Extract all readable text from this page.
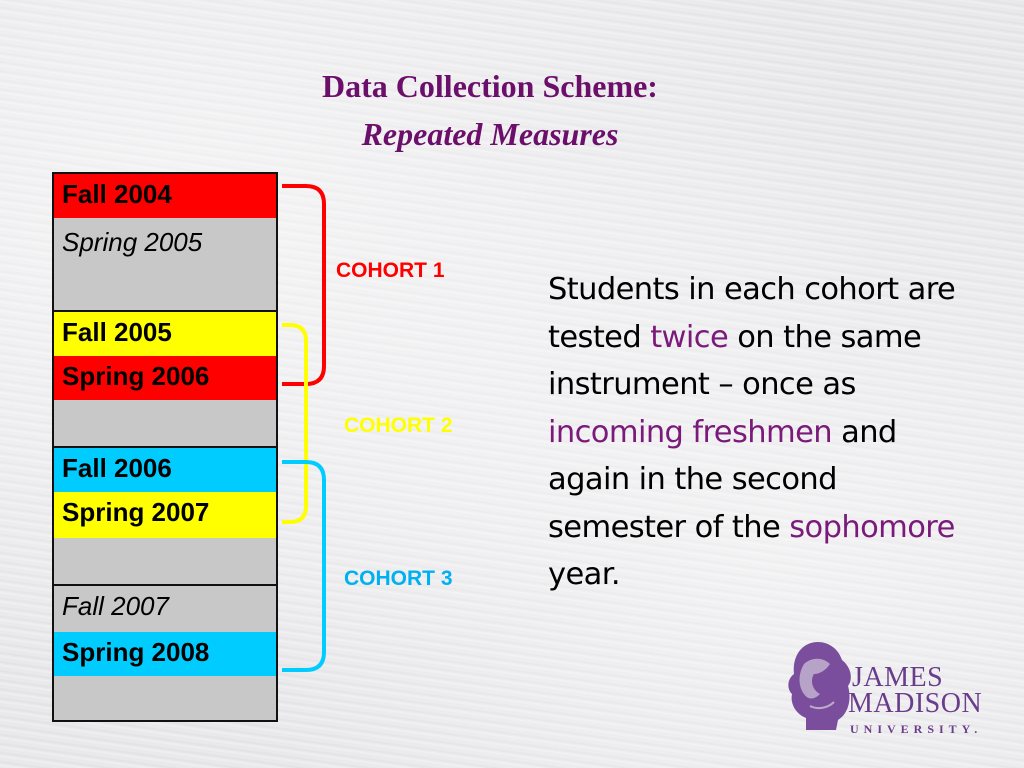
Data Collection Scheme:
Repeated Measures
Fall 2004
Spring 2005
Fall 2005
Spring 2006
Fall 2006
Spring 2007
Fall 2007
Spring 2008
COHORT 1
COHORT 2
COHORT 3
Students in each cohort are tested twice on the same instrument – once as incoming freshmen and again in the second semester of the sophomore year.
JAMES
MADISON
UNIVERSITY.
